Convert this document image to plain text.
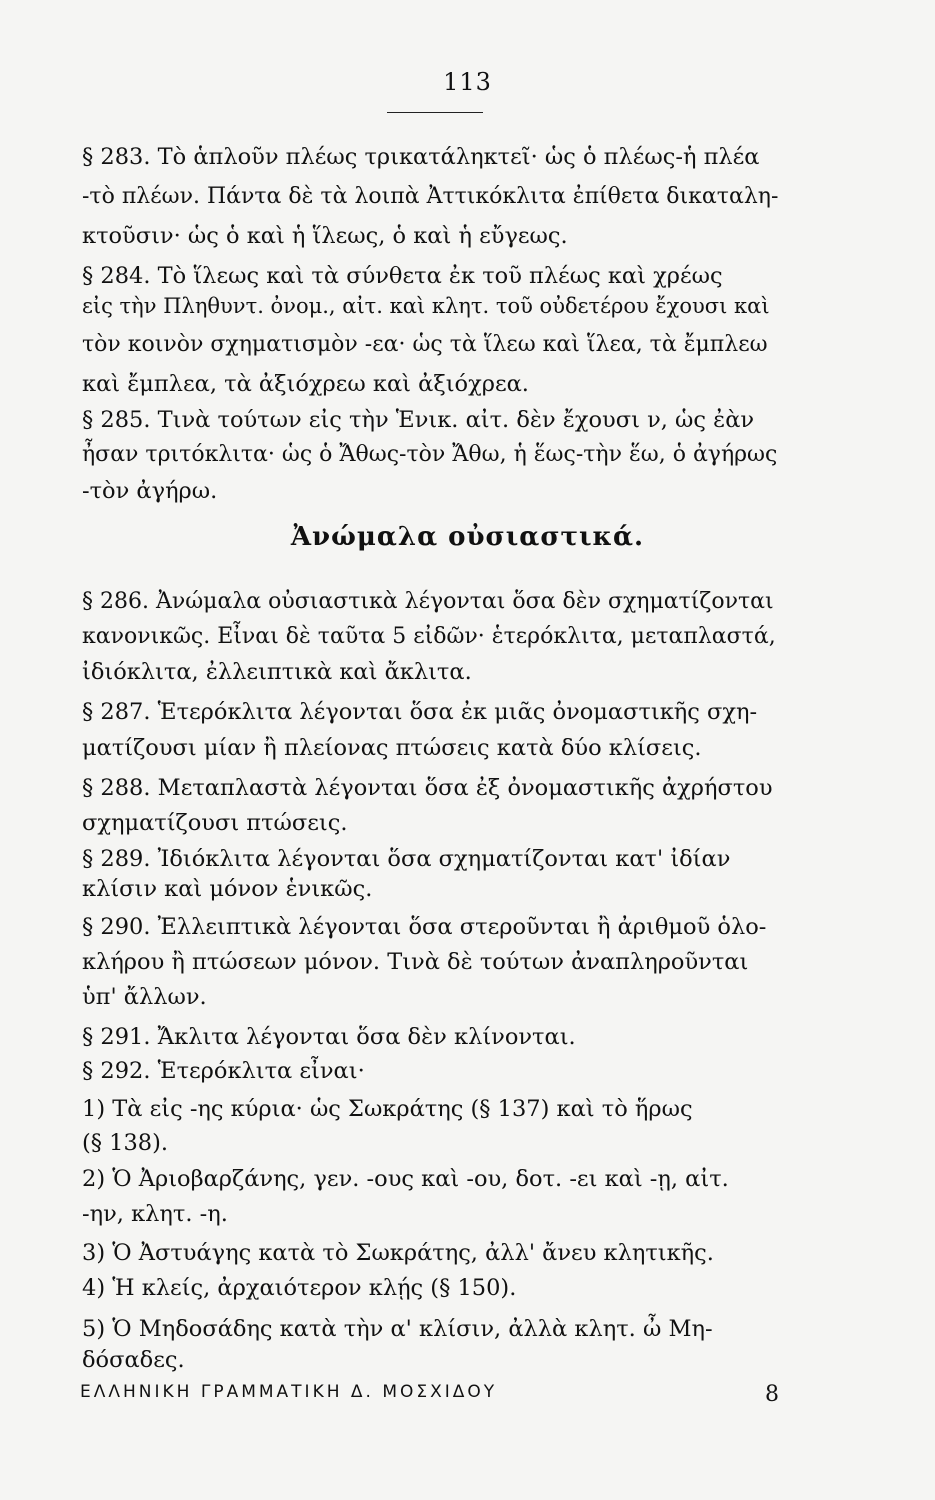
113
§ 283. Τὸ ἁπλοῦν πλέως τρικατάληκτεῖ· ὡς ὁ πλέως-ἡ πλέα
-τὸ πλέων. Πάντα δὲ τὰ λοιπὰ Ἀττικόκλιτα ἐπίθετα δικαταλη-
κτοῦσιν· ὡς ὁ καὶ ἡ ἵλεως, ὁ καὶ ἡ εὔγεως.
§ 284. Τὸ ἵλεως καὶ τὰ σύνθετα ἐκ τοῦ πλέως καὶ χρέως
εἰς τὴν Πληθυντ. ὀνομ., αἰτ. καὶ κλητ. τοῦ οὐδετέρου ἔχουσι καὶ
τὸν κοινὸν σχηματισμὸν -εα· ὡς τὰ ἵλεω καὶ ἵλεα, τὰ ἔμπλεω
καὶ ἔμπλεα, τὰ ἀξιόχρεω καὶ ἀξιόχρεα.
§ 285. Τινὰ τούτων εἰς τὴν Ἑνικ. αἰτ. δὲν ἔχουσι ν, ὡς ἐὰν
ἦσαν τριτόκλιτα· ὡς ὁ Ἄθως-τὸν Ἄθω, ἡ ἕως-τὴν ἕω, ὁ ἀγήρως
-τὸν ἀγήρω.
Ἀνώμαλα οὐσιαστικά.
§ 286. Ἀνώμαλα οὐσιαστικὰ λέγονται ὅσα δὲν σχηματίζονται
κανονικῶς. Εἶναι δὲ ταῦτα 5 εἰδῶν· ἑτερόκλιτα, μεταπλαστά,
ἰδιόκλιτα, ἐλλειπτικὰ καὶ ἄκλιτα.
§ 287. Ἑτερόκλιτα λέγονται ὅσα ἐκ μιᾶς ὀνομαστικῆς σχη-
ματίζουσι μίαν ἢ πλείονας πτώσεις κατὰ δύο κλίσεις.
§ 288. Μεταπλαστὰ λέγονται ὅσα ἐξ ὀνομαστικῆς ἀχρήστου
σχηματίζουσι πτώσεις.
§ 289. Ἰδιόκλιτα λέγονται ὅσα σχηματίζονται κατ' ἰδίαν
κλίσιν καὶ μόνον ἑνικῶς.
§ 290. Ἐλλειπτικὰ λέγονται ὅσα στεροῦνται ἢ ἀριθμοῦ ὁλο-
κλήρου ἢ πτώσεων μόνον. Τινὰ δὲ τούτων ἀναπληροῦνται
ὑπ' ἄλλων.
§ 291. Ἄκλιτα λέγονται ὅσα δὲν κλίνονται.
§ 292. Ἑτερόκλιτα εἶναι·
1) Τὰ εἰς -ης κύρια· ὡς Σωκράτης (§ 137) καὶ τὸ ἥρως
(§ 138).
2) Ὁ Ἀριοβαρζάνης, γεν. -ους καὶ -ου, δοτ. -ει καὶ -ῃ, αἰτ.
-ην, κλητ. -η.
3) Ὁ Ἀστυάγης κατὰ τὸ Σωκράτης, ἀλλ' ἄνευ κλητικῆς.
4) Ἡ κλείς, ἀρχαιότερον κλῄς (§ 150).
5) Ὁ Μηδοσάδης κατὰ τὴν α' κλίσιν, ἀλλὰ κλητ. ὦ Μη-
δόσαδες.
ΕΛΛΗΝΙΚΗ ΓΡΑΜΜΑΤΙΚΗ Δ. ΜΟΣΧΙΔΟΥ	8
